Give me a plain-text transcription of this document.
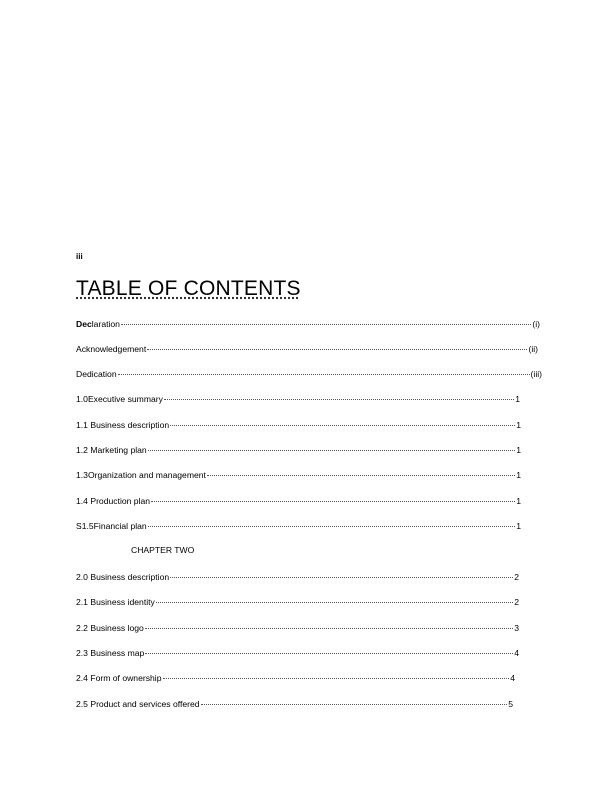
iii
TABLE OF CONTENTS
Declaration	(i)
Acknowledgement	(ii)
Dedication	(iii)
1.0Executive summary	1
1.1 Business description	1
1.2 Marketing plan	1
1.3Organization and management	1
1.4 Production plan	1
S1.5Financial plan	1
2.0 Business description	2
2.1 Business identity	2
2.2 Business logo	3
2.3 Business map	4
2.4 Form of ownership	4
2.5 Product and services offered	5
CHAPTER TWO
